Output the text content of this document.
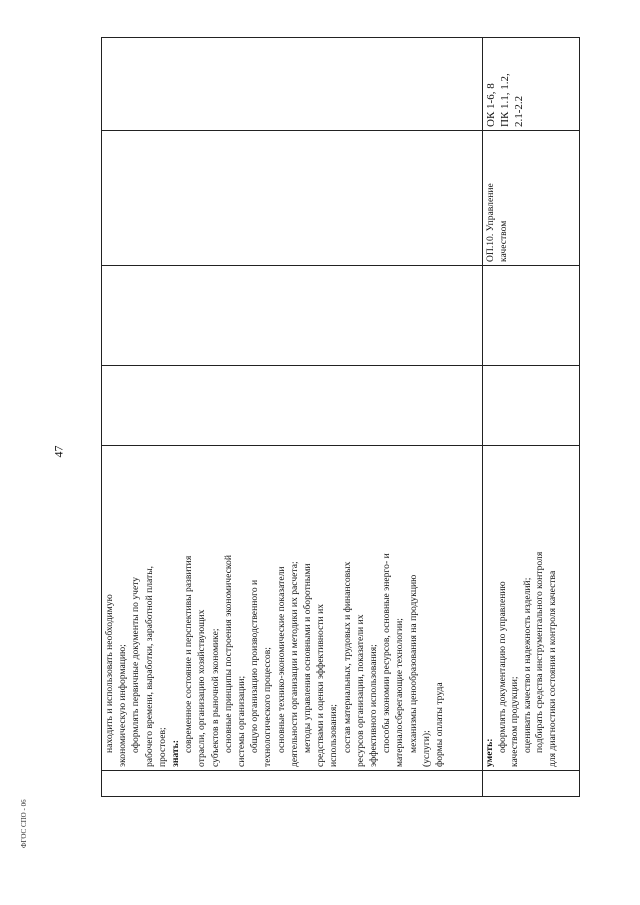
47
ФГОС СПО - 06

находить и использовать необходимую экономическую информацию; оформлять первичные документы по учету рабочего времени, выработки, заработной платы, простоев; знать:

современное состояние и перспективы развития отрасли, организацию хозяйствующих субъектов в рыночной экономике; основные принципы построения экономической системы организации; общую организацию производственного и технологического процессов; основные технико-экономические показатели деятельности организации и методики их расчета; методы управления основными и оборотными средствами и оценки эффективности их использования; состав материальных, трудовых и финансовых ресурсов организации, показатели их эффективного использования; способы экономии ресурсов, основные энерго- и материалосберегающие технологии; механизмы ценообразования на продукцию (услуги); формы оплаты труда	уметь: оформлять документацию по управлению качеством продукции; оценивать качество и надежность изделий; подбирать средства инструментального контроля для диагностики состояния и контроля качества

ОП.10. Управление качеством

ОК 1-6, 8 ПК 1.1, 1.2, 2.1-2.2
